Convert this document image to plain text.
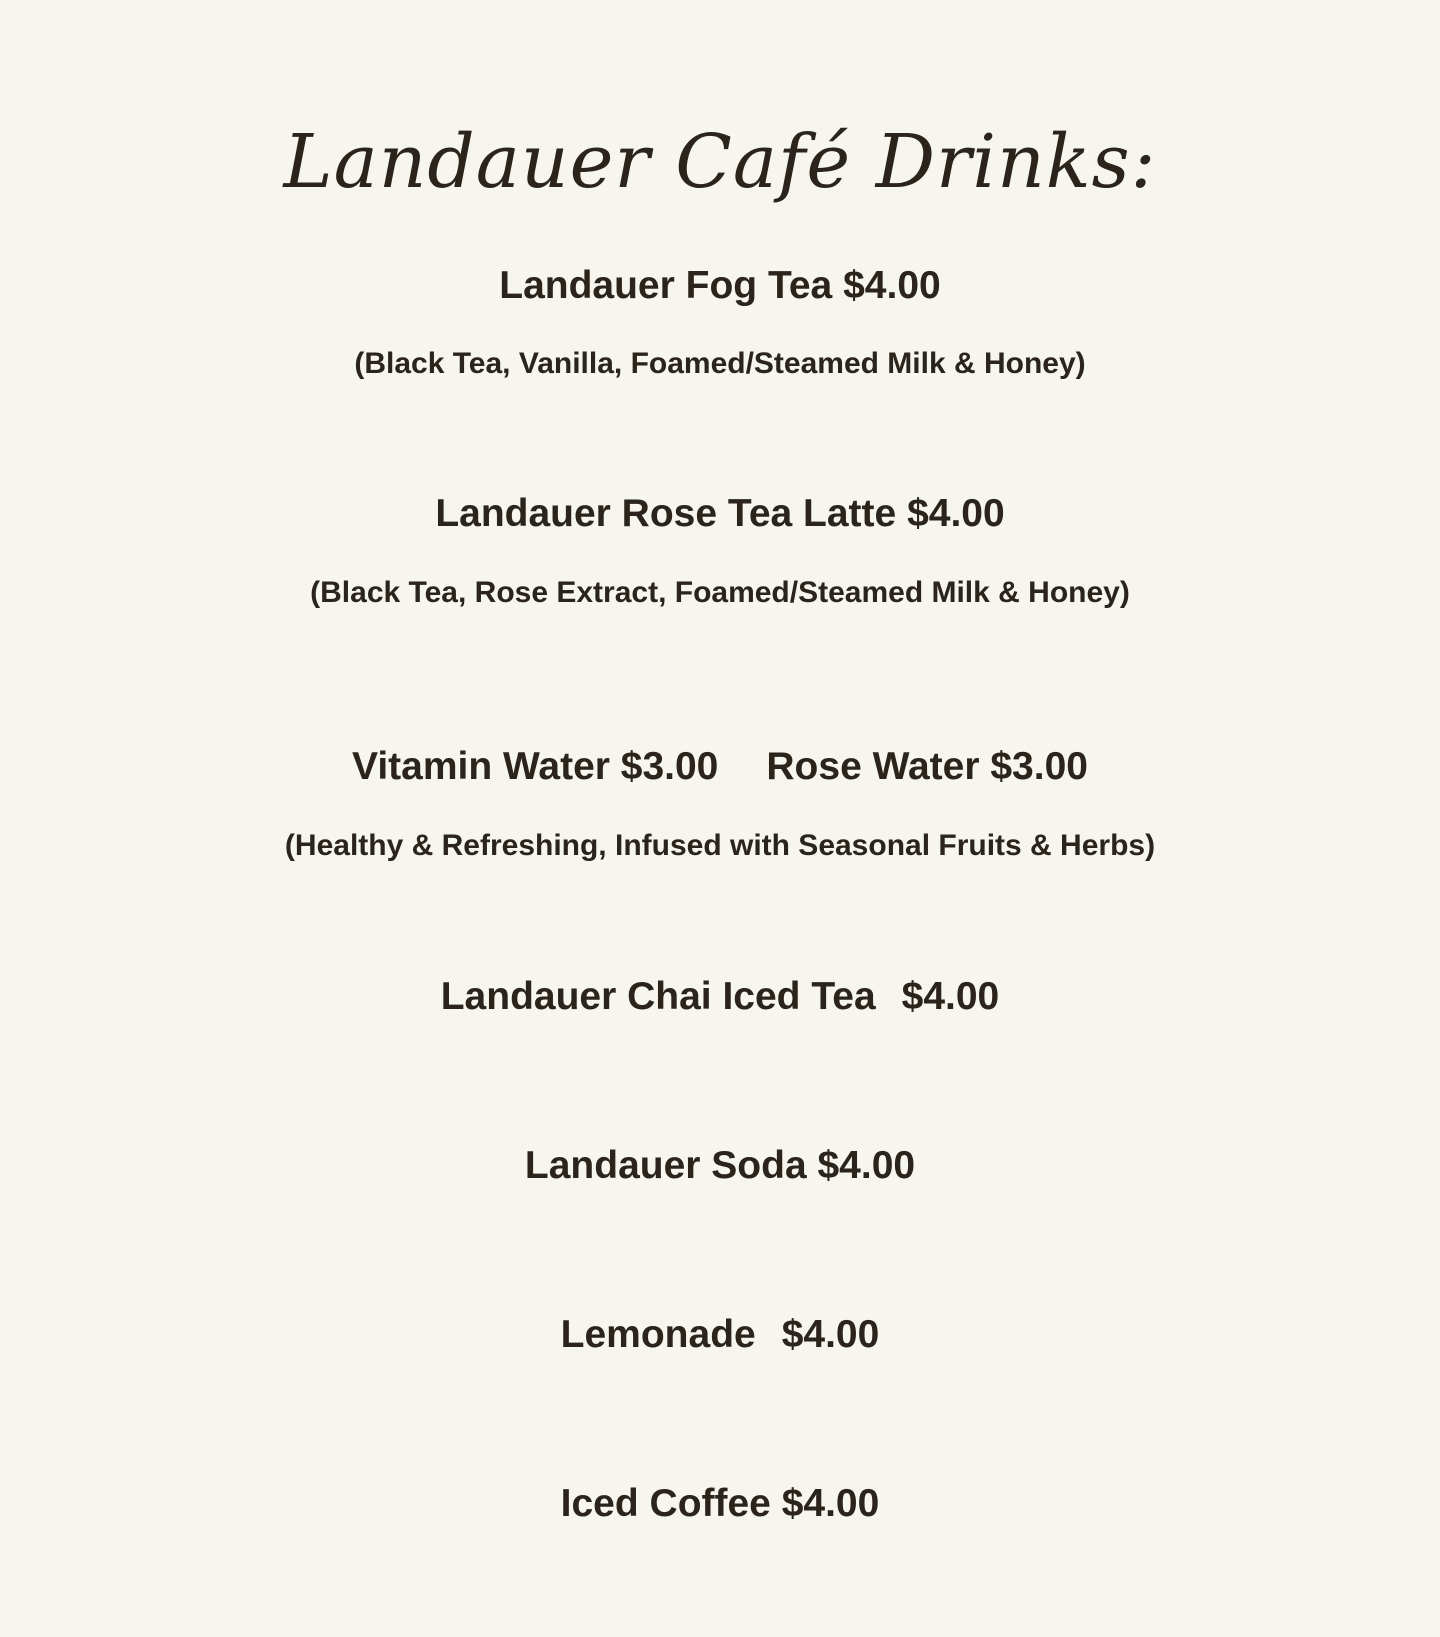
Landauer Café Drinks:

Landauer Fog Tea $4.00

(Black Tea, Vanilla, Foamed/Steamed Milk & Honey)

Landauer Rose Tea Latte $4.00

(Black Tea, Rose Extract, Foamed/Steamed Milk & Honey)

Vitamin Water $3.00 Rose Water $3.00

(Healthy & Refreshing, Infused with Seasonal Fruits & Herbs)

Landauer Chai Iced Tea $4.00

Landauer Soda $4.00

Lemonade $4.00

Iced Coffee $4.00
